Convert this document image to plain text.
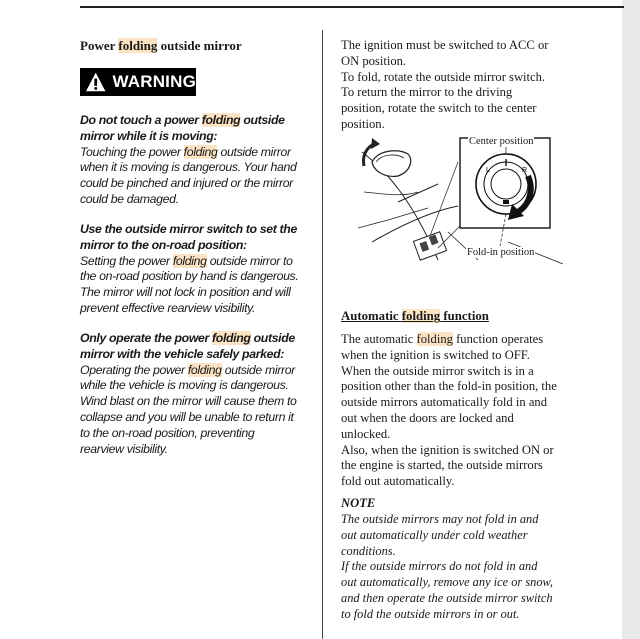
Power folding outside mirror
WARNING

Do not touch a power folding outside

mirror while it is moving:

Touching the power folding outside mirror

when it is moving is dangerous. Your hand

could be pinched and injured or the mirror

could be damaged.

Use the outside mirror switch to set the

mirror to the on-road position:

Setting the power folding outside mirror to

the on-road position by hand is dangerous.

The mirror will not lock in position and will

prevent effective rearview visibility.

Only operate the power folding outside

mirror with the vehicle safely parked:

Operating the power folding outside mirror

while the vehicle is moving is dangerous.

Wind blast on the mirror will cause them to

collapse and you will be unable to return it

to the on-road position, preventing

rearview visibility.

The ignition must be switched to ACC or

ON position.

To fold, rotate the outside mirror switch.

To return the mirror to the driving

position, rotate the switch to the center

position.

L	R
Center position
Fold-in position
Automatic folding function

The automatic folding function operates

when the ignition is switched to OFF.

When the outside mirror switch is in a

position other than the fold-in position, the

outside mirrors automatically fold in and

out when the doors are locked and

unlocked.

Also, when the ignition is switched ON or

the engine is started, the outside mirrors

fold out automatically.

NOTE

The outside mirrors may not fold in and

out automatically under cold weather

conditions.

If the outside mirrors do not fold in and

out automatically, remove any ice or snow,

and then operate the outside mirror switch

to fold the outside mirrors in or out.
